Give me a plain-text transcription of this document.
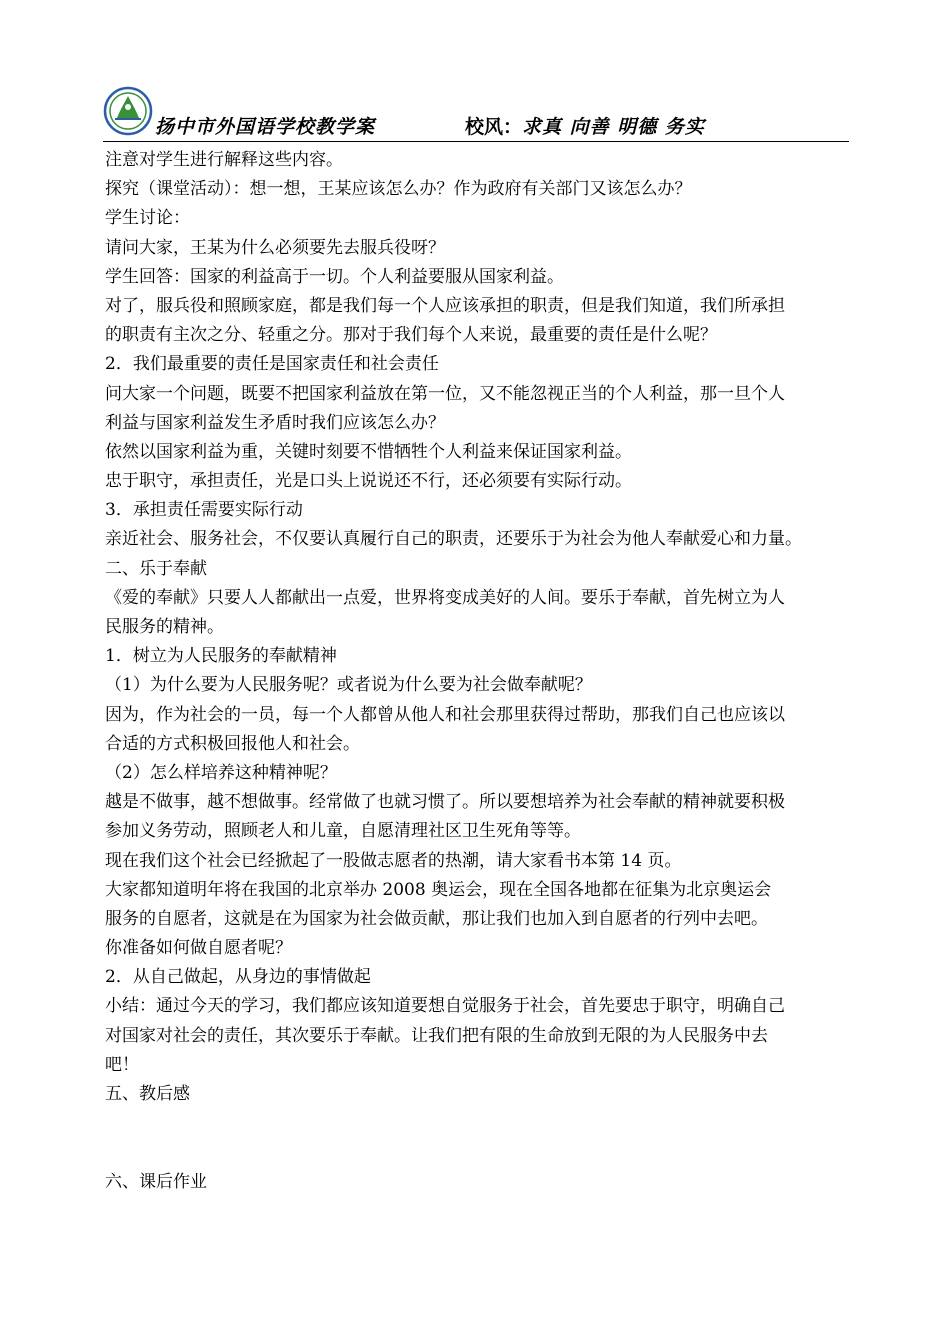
扬中市外国语学校教学案	校风：求真 向善 明德 务实
注意对学生进行解释这些内容。
探究（课堂活动）：想一想，王某应该怎么办？作为政府有关部门又该怎么办？
学生讨论：
请问大家，王某为什么必须要先去服兵役呀？
学生回答：国家的利益高于一切。个人利益要服从国家利益。
对了，服兵役和照顾家庭，都是我们每一个人应该承担的职责，但是我们知道，我们所承担
的职责有主次之分、轻重之分。那对于我们每个人来说，最重要的责任是什么呢？
2．我们最重要的责任是国家责任和社会责任
问大家一个问题，既要不把国家利益放在第一位，又不能忽视正当的个人利益，那一旦个人
利益与国家利益发生矛盾时我们应该怎么办？
依然以国家利益为重，关键时刻要不惜牺牲个人利益来保证国家利益。
忠于职守，承担责任，光是口头上说说还不行，还必须要有实际行动。
3．承担责任需要实际行动
亲近社会、服务社会，不仅要认真履行自己的职责，还要乐于为社会为他人奉献爱心和力量。
二、乐于奉献
《爱的奉献》只要人人都献出一点爱，世界将变成美好的人间。要乐于奉献，首先树立为人
民服务的精神。
1．树立为人民服务的奉献精神
（1）为什么要为人民服务呢？或者说为什么要为社会做奉献呢？
因为，作为社会的一员，每一个人都曾从他人和社会那里获得过帮助，那我们自己也应该以
合适的方式积极回报他人和社会。
（2）怎么样培养这种精神呢？
越是不做事，越不想做事。经常做了也就习惯了。所以要想培养为社会奉献的精神就要积极
参加义务劳动，照顾老人和儿童，自愿清理社区卫生死角等等。
现在我们这个社会已经掀起了一股做志愿者的热潮，请大家看书本第 14 页。
大家都知道明年将在我国的北京举办 2008 奥运会，现在全国各地都在征集为北京奥运会
服务的自愿者，这就是在为国家为社会做贡献，那让我们也加入到自愿者的行列中去吧。
你准备如何做自愿者呢？
2．从自己做起，从身边的事情做起
小结：通过今天的学习，我们都应该知道要想自觉服务于社会，首先要忠于职守，明确自己
对国家对社会的责任，其次要乐于奉献。让我们把有限的生命放到无限的为人民服务中去
吧！
五、教后感
六、课后作业
